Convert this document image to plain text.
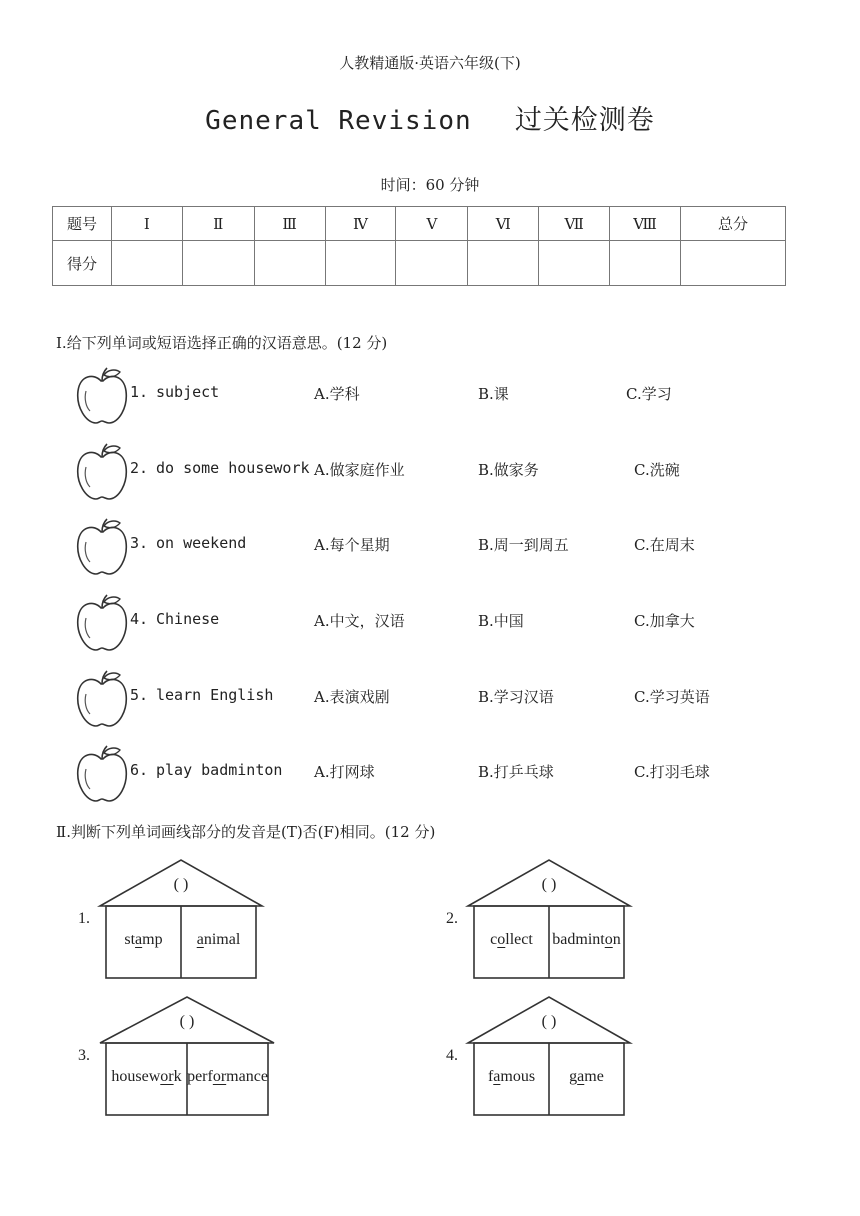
人教精通版·英语六年级(下)
General Revision 过关检测卷
时间：60 分钟
题号	Ⅰ	Ⅱ	Ⅲ	Ⅳ	Ⅴ	Ⅵ	Ⅶ	Ⅷ	总分
得分									
Ⅰ.给下列单词或短语选择正确的汉语意思。(12 分)
1. subject	A.学科	B.课	C.学习
2. do some housework A.做家庭作业	B.做家务	C.洗碗
3. on weekend	A.每个星期	B.周一到周五	C.在周末
4. Chinese	A.中文，汉语	B.中国	C.加拿大
5. learn English	A.表演戏剧	B.学习汉语	C.学习英语
6. play badminton A.打网球	B.打乒乓球	C.打羽毛球
Ⅱ.判断下列单词画线部分的发音是(T)否(F)相同。(12 分)
1.
( )
stamp	animal
2.
( )
collect	badminton
3.
( )
housework performance
4.
( )
famous	game
